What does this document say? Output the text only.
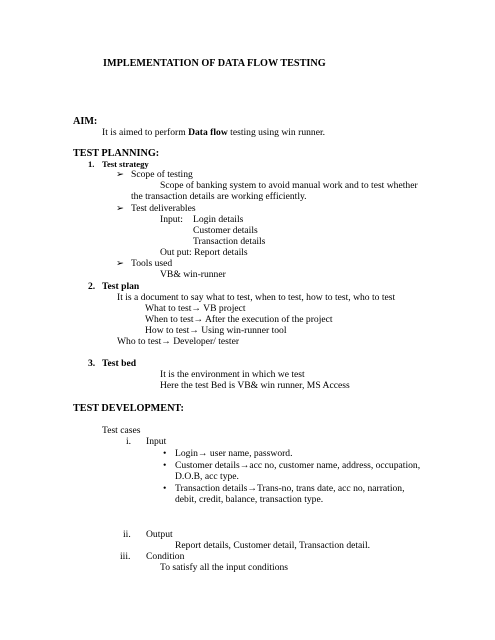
IMPLEMENTATION OF DATA FLOW TESTING
AIM:
It is aimed to perform Data flow testing using win runner.
TEST PLANNING:
1. Test strategy
➢ Scope of testing
Scope of banking system to avoid manual work and to test whether
the transaction details are working efficiently.
➢ Test deliverables
Input: Login details
Customer details
Transaction details
Out put: Report details
➢ Tools used
VB& win-runner
2. Test plan
It is a document to say what to test, when to test, how to test, who to test
What to test→ VB project
When to test→ After the execution of the project
How to test→ Using win-runner tool
Who to test→ Developer/ tester
3. Test bed
It is the environment in which we test
Here the test Bed is VB& win runner, MS Access
TEST DEVELOPMENT:
Test cases
i. Input
• Login→ user name, password.
• Customer details→acc no, customer name, address, occupation,
D.O.B, acc type.
• Transaction details→Trans-no, trans date, acc no, narration,
debit, credit, balance, transaction type.
ii. Output
Report details, Customer detail, Transaction detail.
iii. Condition
To satisfy all the input conditions
